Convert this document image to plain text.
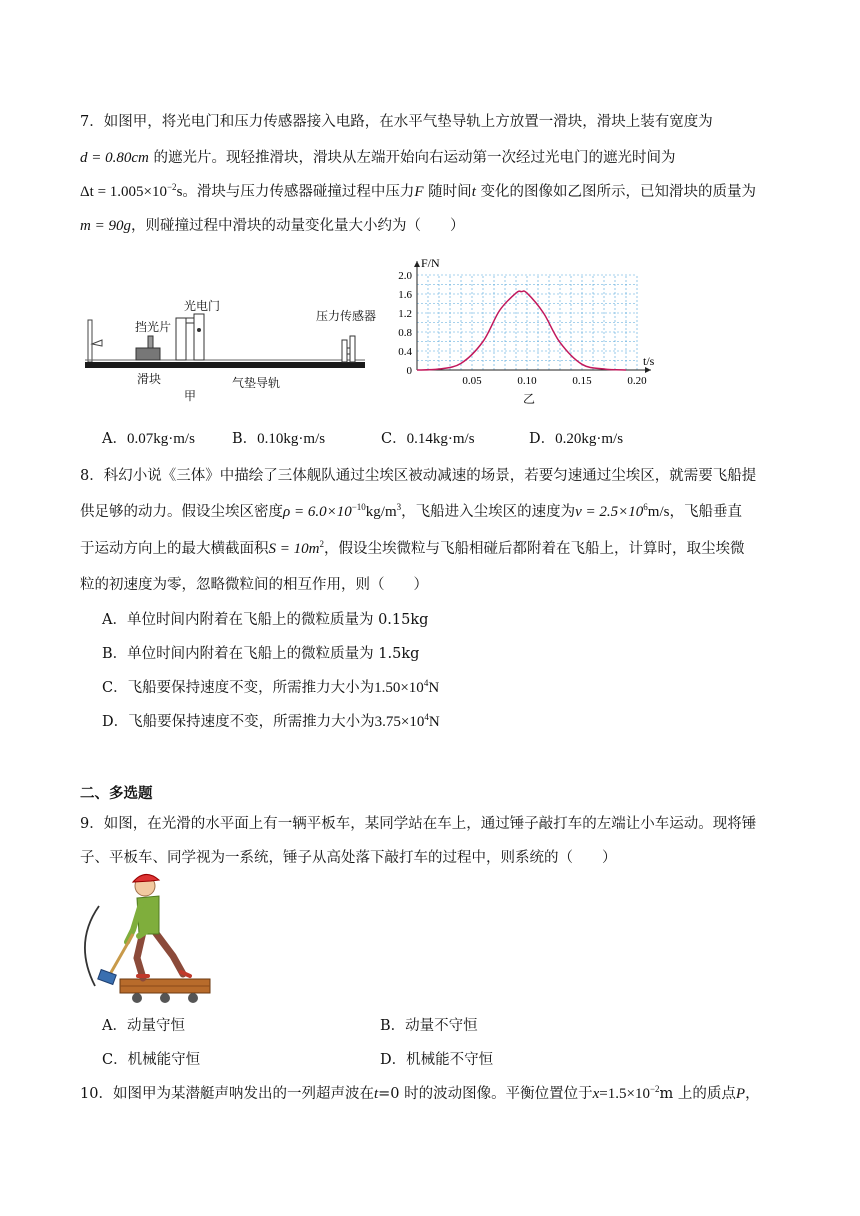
7．如图甲，将光电门和压力传感器接入电路，在水平气垫导轨上方放置一滑块，滑块上装有宽度为
d = 0.80cm 的遮光片。现轻推滑块，滑块从左端开始向右运动第一次经过光电门的遮光时间为
$\Delta t = 1.005\times 10^{-2}s$。滑块与压力传感器碰撞过程中压力F 随时间t 变化的图像如乙图所示，已知滑块的质量为
m = 90g，则碰撞过程中滑块的动量变化量大小约为（　　）
光电门
挡光片
压力传感器
滑块	气垫导轨
甲
0.05	0.10	0.15	0.20
2.0
1.6
1.2
0.8
0.4
0
F/N
t/s
乙
A．0.07kg·m/s	B．0.10kg·m/s	C．0.14kg·m/s	D．0.20kg·m/s
8．科幻小说《三体》中描绘了三体舰队通过尘埃区被动减速的场景，若要匀速通过尘埃区，就需要飞船提
供足够的动力。假设尘埃区密度$\rho = 6.0\times 10^{-10}kg/m^3$，飞船进入尘埃区的速度为$v = 2.5\times 10^6m/s$，飞船垂直
于运动方向上的最大横截面积$S = 10m^2$，假设尘埃微粒与飞船相碰后都附着在飞船上，计算时，取尘埃微
粒的初速度为零，忽略微粒间的相互作用，则（　　）
A．单位时间内附着在飞船上的微粒质量为 0.15kg
B．单位时间内附着在飞船上的微粒质量为 1.5kg
C．飞船要保持速度不变，所需推力大小为$1.50\times 10^4N$
D．飞船要保持速度不变，所需推力大小为$3.75\times 10^4N$
二、多选题
9．如图，在光滑的水平面上有一辆平板车，某同学站在车上，通过锤子敲打车的左端让小车运动。现将锤
子、平板车、同学视为一系统，锤子从高处落下敲打车的过程中，则系统的（　　）
A．动量守恒	B．动量不守恒
C．机械能守恒	D．机械能不守恒
10．如图甲为某潜艇声呐发出的一列超声波在t=0 时的波动图像。平衡位置位于$x=1.5\times 10^{-2}m$ 上的质点P，
